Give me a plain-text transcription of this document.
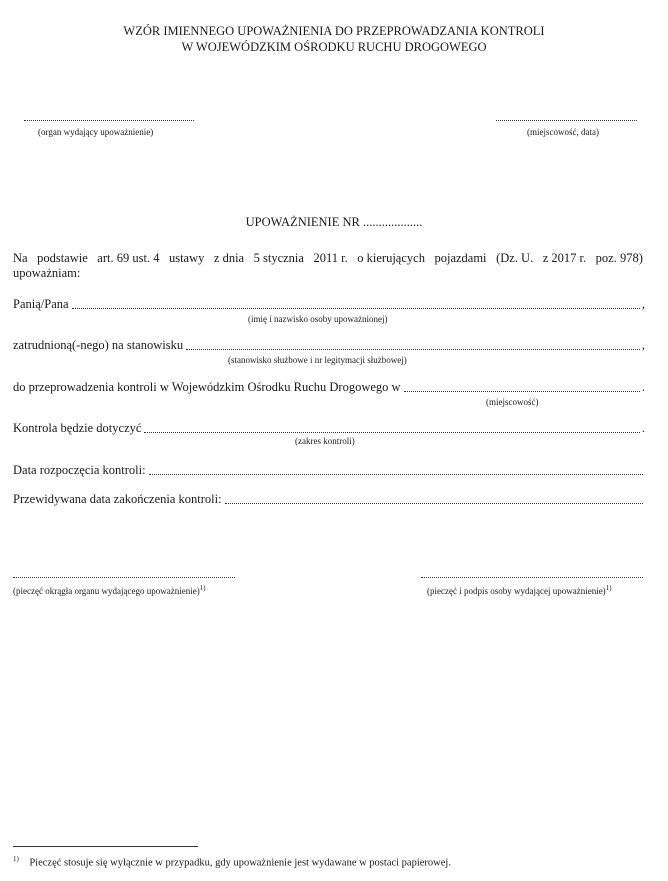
WZÓR IMIENNEGO UPOWAŻNIENIA DO PRZEPROWADZANIA KONTROLI
W WOJEWÓDZKIM OŚRODKU RUCHU DROGOWEGO
(organ wydający upoważnienie)	(miejscowość, data)
UPOWAŻNIENIE NR ...................
Na podstawie art. 69 ust. 4 ustawy z dnia 5 stycznia 2011 r. o kierujących pojazdami (Dz. U. z 2017 r. poz. 978)
upoważniam:
Panią/Pana	,
(imię i nazwisko osoby upoważnionej)
zatrudnioną(-nego) na stanowisku	,
(stanowisko służbowe i nr legitymacji służbowej)
do przeprowadzenia kontroli w Wojewódzkim Ośrodku Ruchu Drogowego w	.
(miejscowość)
Kontrola będzie dotyczyć	.
(zakres kontroli)
Data rozpoczęcia kontroli:
Przewidywana data zakończenia kontroli:
(pieczęć okrągła organu wydającego upoważnienie)$^{1)}$	(pieczęć i podpis osoby wydającej upoważnienie)$^{1)}$
$^{1)}$ Pieczęć stosuje się wyłącznie w przypadku, gdy upoważnienie jest wydawane w postaci papierowej.
